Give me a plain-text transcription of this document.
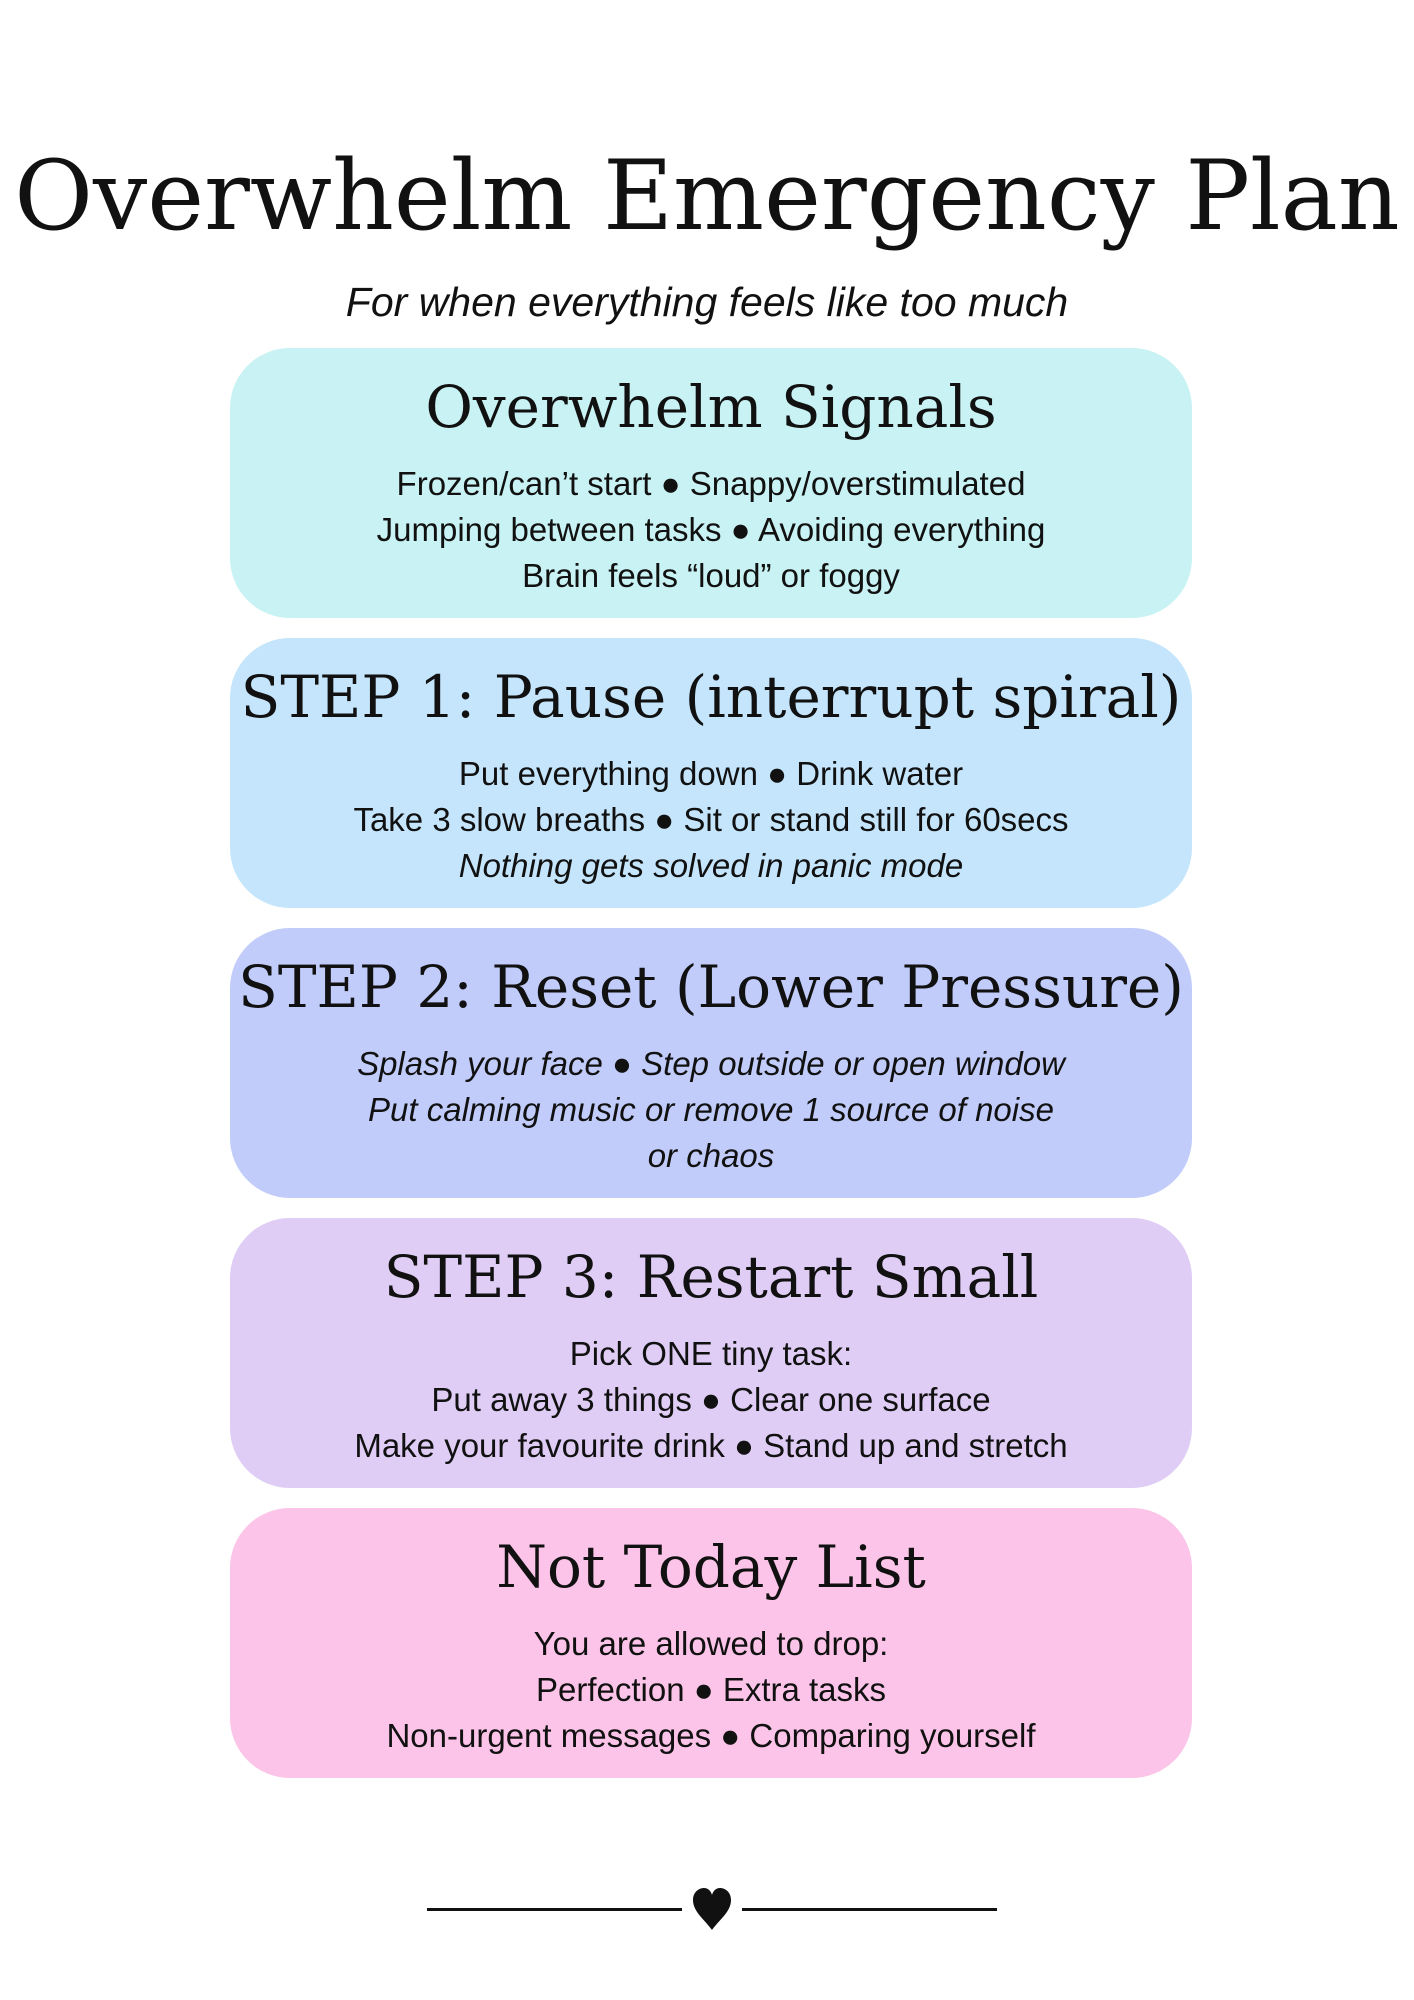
Overwhelm Emergency Plan
For when everything feels like too much
Overwhelm Signals
Frozen/can’t start ● Snappy/overstimulated
Jumping between tasks ● Avoiding everything
Brain feels “loud” or foggy
STEP 1: Pause (interrupt spiral)
Put everything down ● Drink water
Take 3 slow breaths ● Sit or stand still for 60secs
Nothing gets solved in panic mode
STEP 2: Reset (Lower Pressure)
Splash your face ● Step outside or open window
Put calming music or remove 1 source of noise
or chaos
STEP 3: Restart Small
Pick ONE tiny task:
Put away 3 things ● Clear one surface
Make your favourite drink ● Stand up and stretch
Not Today List
You are allowed to drop:
Perfection ● Extra tasks
Non-urgent messages ● Comparing yourself
